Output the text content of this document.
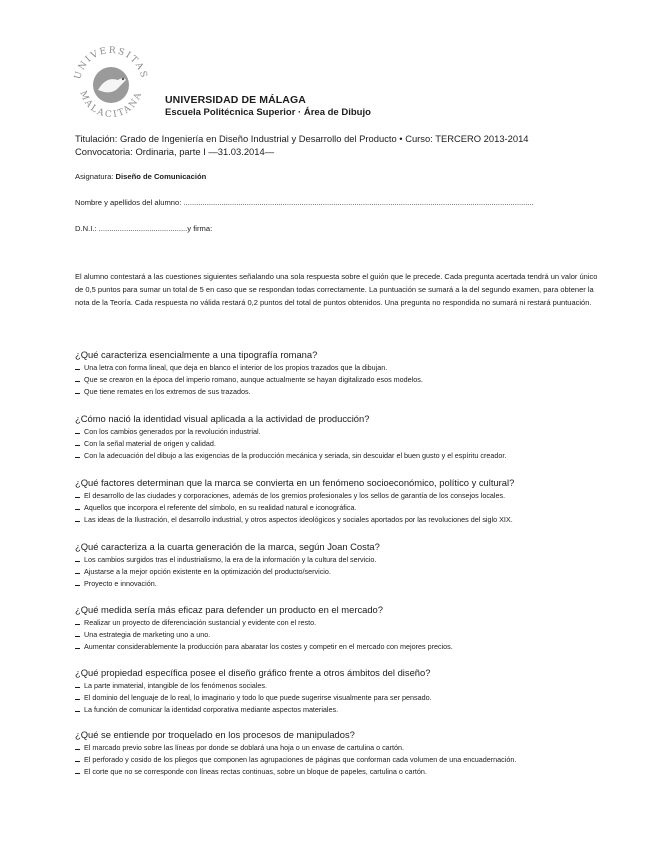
UNIVERSITAS
MALACITANA UNIVERSIDAD DE MÁLAGA
Escuela Politécnica Superior · Área de Dibujo
Titulación: Grado de Ingeniería en Diseño Industrial y Desarrollo del Producto • Curso: TERCERO 2013-2014
Convocatoria: Ordinaria, parte I —31.03.2014—
Asignatura: Diseño de Comunicación
Nombre y apellidos del alumno: ......................................................................................................................................................................
D.N.I.: ..........................................y firma:
El alumno contestará a las cuestiones siguientes señalando una sola respuesta sobre el guión que le precede. Cada pregunta acertada tendrá un valor único de 0,5 puntos para sumar un total de 5 en caso que se respondan todas correctamente. La puntuación se sumará a la del segundo examen, para obtener la nota de la Teoría. Cada respuesta no válida restará 0,2 puntos del total de puntos obtenidos. Una pregunta no respondida no sumará ni restará puntuación.
¿Qué caracteriza esencialmente a una tipografía romana?
Una letra con forma lineal, que deja en blanco el interior de los propios trazados que la dibujan.
Que se crearon en la época del imperio romano, aunque actualmente se hayan digitalizado esos modelos.
Que tiene remates en los extremos de sus trazados.
¿Cómo nació la identidad visual aplicada a la actividad de producción?
Con los cambios generados por la revolución industrial.
Con la señal material de origen y calidad.
Con la adecuación del dibujo a las exigencias de la producción mecánica y seriada, sin descuidar el buen gusto y el espíritu creador.
¿Qué factores determinan que la marca se convierta en un fenómeno socioeconómico, político y cultural?
El desarrollo de las ciudades y corporaciones, además de los gremios profesionales y los sellos de garantía de los consejos locales.
Aquellos que incorpora el referente del símbolo, en su realidad natural e iconográfica.
Las ideas de la Ilustración, el desarrollo industrial, y otros aspectos ideológicos y sociales aportados por las revoluciones del siglo XIX.
¿Qué caracteriza a la cuarta generación de la marca, según Joan Costa?
Los cambios surgidos tras el industrialismo, la era de la información y la cultura del servicio.
Ajustarse a la mejor opción existente en la optimización del producto/servicio.
Proyecto e innovación.
¿Qué medida sería más eficaz para defender un producto en el mercado?
Realizar un proyecto de diferenciación sustancial y evidente con el resto.
Una estrategia de marketing uno a uno.
Aumentar considerablemente la producción para abaratar los costes y competir en el mercado con mejores precios.
¿Qué propiedad específica posee el diseño gráfico frente a otros ámbitos del diseño?
La parte inmaterial, intangible de los fenómenos sociales.
El dominio del lenguaje de lo real, lo imaginario y todo lo que puede sugerirse visualmente para ser pensado.
La función de comunicar la identidad corporativa mediante aspectos materiales.
¿Qué se entiende por troquelado en los procesos de manipulados?
El marcado previo sobre las líneas por donde se doblará una hoja o un envase de cartulina o cartón.
El perforado y cosido de los pliegos que componen las agrupaciones de páginas que conforman cada volumen de una encuadernación.
El corte que no se corresponde con líneas rectas continuas, sobre un bloque de papeles, cartulina o cartón.
